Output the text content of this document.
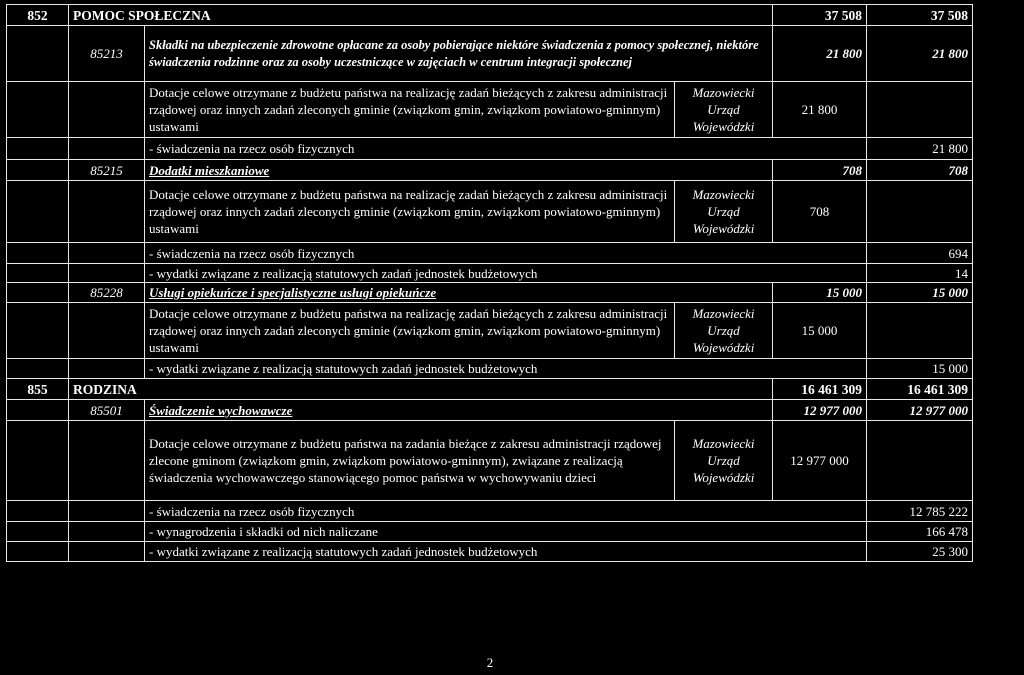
852	POMOC SPOŁECZNA			37 508	37 508
	85213	Składki na ubezpieczenie zdrowotne opłacane za osoby pobierające niektóre świadczenia z pomocy społecznej, niektóre świadczenia rodzinne oraz za osoby uczestniczące w zajęciach w centrum integracji społecznej		21 800	21 800
		Dotacje celowe otrzymane z budżetu państwa na realizację zadań bieżących z zakresu administracji rządowej oraz innych zadań zleconych gminie (związkom gmin, związkom powiatowo-gminnym) ustawami	Mazowiecki Urząd Wojewódzki	21 800	
		- świadczenia na rzecz osób fizycznych			21 800
	85215	Dodatki mieszkaniowe		708	708
		Dotacje celowe otrzymane z budżetu państwa na realizację zadań bieżących z zakresu administracji rządowej oraz innych zadań zleconych gminie (związkom gmin, związkom powiatowo-gminnym) ustawami	Mazowiecki Urząd Wojewódzki	708	
		- świadczenia na rzecz osób fizycznych			694
		- wydatki związane z realizacją statutowych zadań jednostek budżetowych			14
	85228	Usługi opiekuńcze i specjalistyczne usługi opiekuńcze		15 000	15 000
		Dotacje celowe otrzymane z budżetu państwa na realizację zadań bieżących z zakresu administracji rządowej oraz innych zadań zleconych gminie (związkom gmin, związkom powiatowo-gminnym) ustawami	Mazowiecki Urząd Wojewódzki	15 000	
		- wydatki związane z realizacją statutowych zadań jednostek budżetowych			15 000
855	RODZINA			16 461 309	16 461 309
	85501	Świadczenie wychowawcze		12 977 000	12 977 000
		Dotacje celowe otrzymane z budżetu państwa na zadania bieżące z zakresu administracji rządowej zlecone gminom (związkom gmin, związkom powiatowo-gminnym), związane z realizacją świadczenia wychowawczego stanowiącego pomoc państwa w wychowywaniu dzieci	Mazowiecki Urząd Wojewódzki	12 977 000	
		- świadczenia na rzecz osób fizycznych			12 785 222
		- wynagrodzenia i składki od nich naliczane			166 478
		- wydatki związane z realizacją statutowych zadań jednostek budżetowych			25 300
2
